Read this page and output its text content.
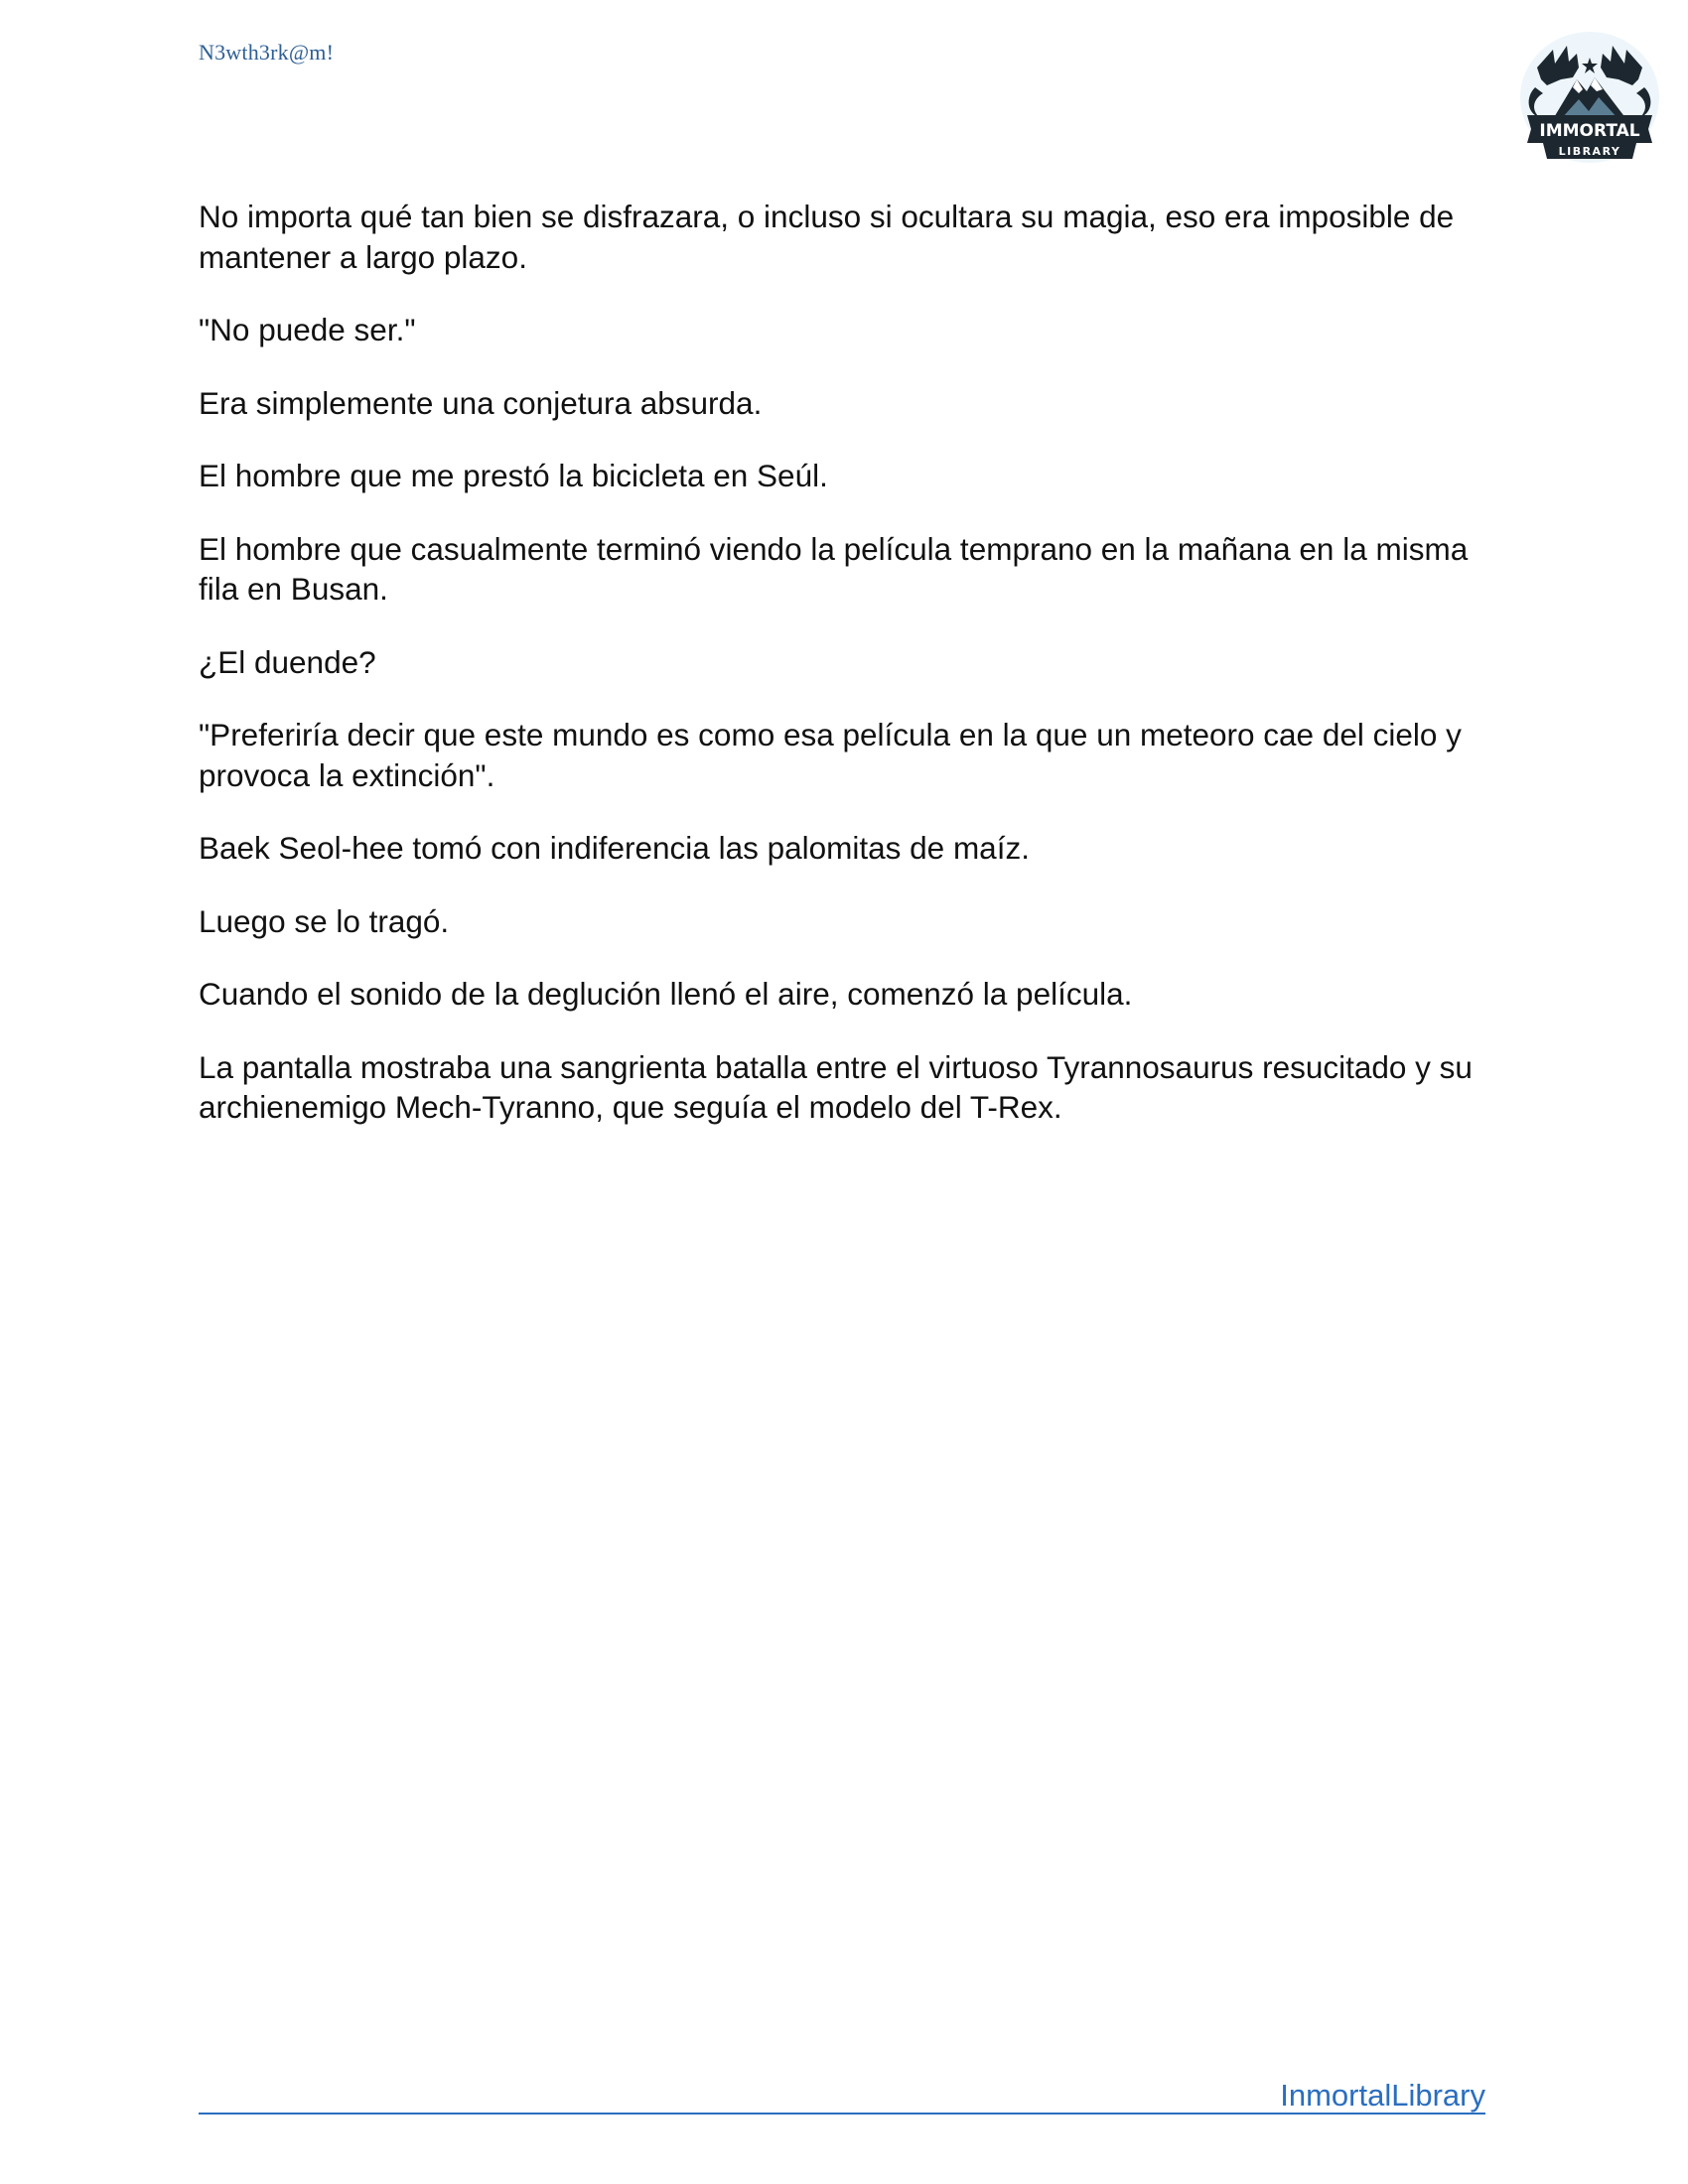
N3wth3rk@m!
IMMORTAL
LIBRARY

No importa qué tan bien se disfrazara, o incluso si ocultara su magia, eso era imposible de mantener a largo plazo.

"No puede ser."

Era simplemente una conjetura absurda.

El hombre que me prestó la bicicleta en Seúl.

El hombre que casualmente terminó viendo la película temprano en la mañana en la misma fila en Busan.

¿El duende?

"Preferiría decir que este mundo es como esa película en la que un meteoro cae del cielo y provoca la extinción".

Baek Seol-hee tomó con indiferencia las palomitas de maíz.

Luego se lo tragó.

Cuando el sonido de la deglución llenó el aire, comenzó la película.

La pantalla mostraba una sangrienta batalla entre el virtuoso Tyrannosaurus resucitado y su archienemigo Mech-Tyranno, que seguía el modelo del T-Rex.

InmortalLibrary
